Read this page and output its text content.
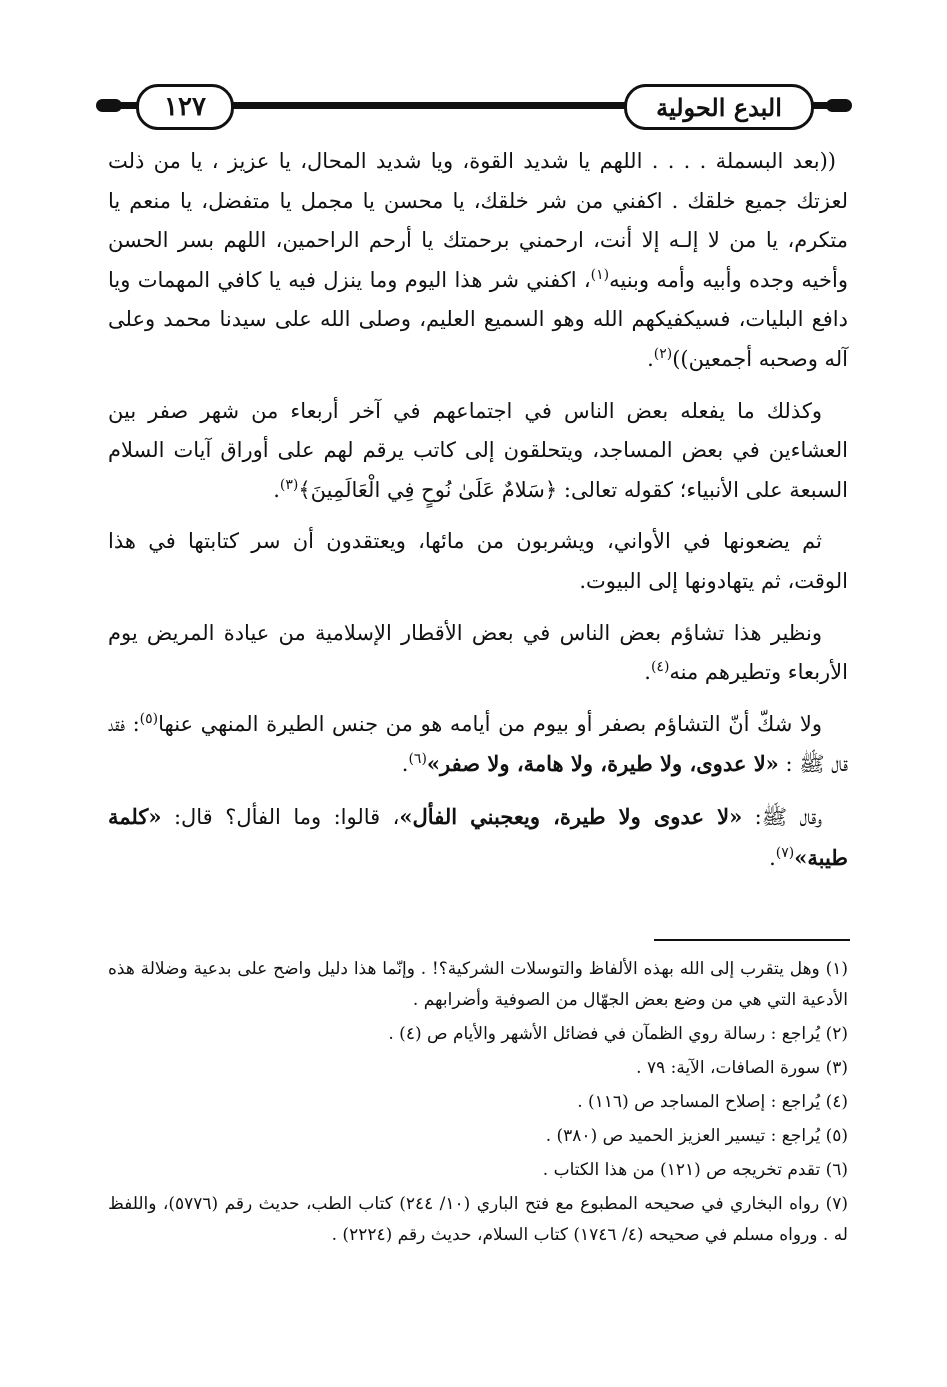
١٢٧	البدع الحولية

((بعد البسملة . . . . اللهم يا شديد القوة، ويا شديد المحال، يا عزيز ، يا من ذلت لعزتك جميع خلقك . اكفني من شر خلقك، يا محسن يا مجمل يا متفضل، يا منعم يا متكرم، يا من لا إلـه إلا أنت، ارحمني برحمتك يا أرحم الراحمين، اللهم بسر الحسن وأخيه وجده وأبيه وأمه وبنيه$^{(١)}$، اكفني شر هذا اليوم وما ينزل فيه يا كافي المهمات ويا دافع البليات، فسيكفيكهم الله وهو السميع العليم، وصلى الله على سيدنا محمد وعلى آله وصحبه أجمعين))$^{(٢)}$.

وكذلك ما يفعله بعض الناس في اجتماعهم في آخر أربعاء من شهر صفر بين العشاءين في بعض المساجد، ويتحلقون إلى كاتب يرقم لهم على أوراق آيات السلام السبعة على الأنبياء؛ كقوله تعالى: ﴿سَلامٌ عَلَىٰ نُوحٍ فِي الْعَالَمِينَ﴾$^{(٣)}$.

ثم يضعونها في الأواني، ويشربون من مائها، ويعتقدون أن سر كتابتها في هذا الوقت، ثم يتهادونها إلى البيوت.

ونظير هذا تشاؤم بعض الناس في بعض الأقطار الإسلامية من عيادة المريض يوم الأربعاء وتطيرهم منه$^{(٤)}$.

ولا شكّ أنّ التشاؤم بصفر أو بيوم من أيامه هو من جنس الطيرة المنهي عنها$^{(٥)}$: فقد قال ﷺ : «لا عدوى، ولا طيرة، ولا هامة، ولا صفر»$^{(٦)}$.

وقال ﷺ: «لا عدوى ولا طيرة، ويعجبني الفأل»، قالوا: وما الفأل؟ قال: «كلمة طيبة»$^{(٧)}$.

(١) وهل يتقرب إلى الله بهذه الألفاظ والتوسلات الشركية؟! . وإنّما هذا دليل واضح على بدعية وضلالة هذه الأدعية التي هي من وضع بعض الجهّال من الصوفية وأضرابهم .
(٢) يُراجع : رسالة روي الظمآن في فضائل الأشهر والأيام ص (٤) .
(٣) سورة الصافات، الآية: ٧٩ .
(٤) يُراجع : إصلاح المساجد ص (١١٦) .
(٥) يُراجع : تيسير العزيز الحميد ص (٣٨٠) .
(٦) تقدم تخريجه ص (١٢١) من هذا الكتاب .
(٧) رواه البخاري في صحيحه المطبوع مع فتح الباري (١٠/ ٢٤٤) كتاب الطب، حديث رقم (٥٧٧٦)، واللفظ له . ورواه مسلم في صحيحه (٤/ ١٧٤٦) كتاب السلام، حديث رقم (٢٢٢٤) .
